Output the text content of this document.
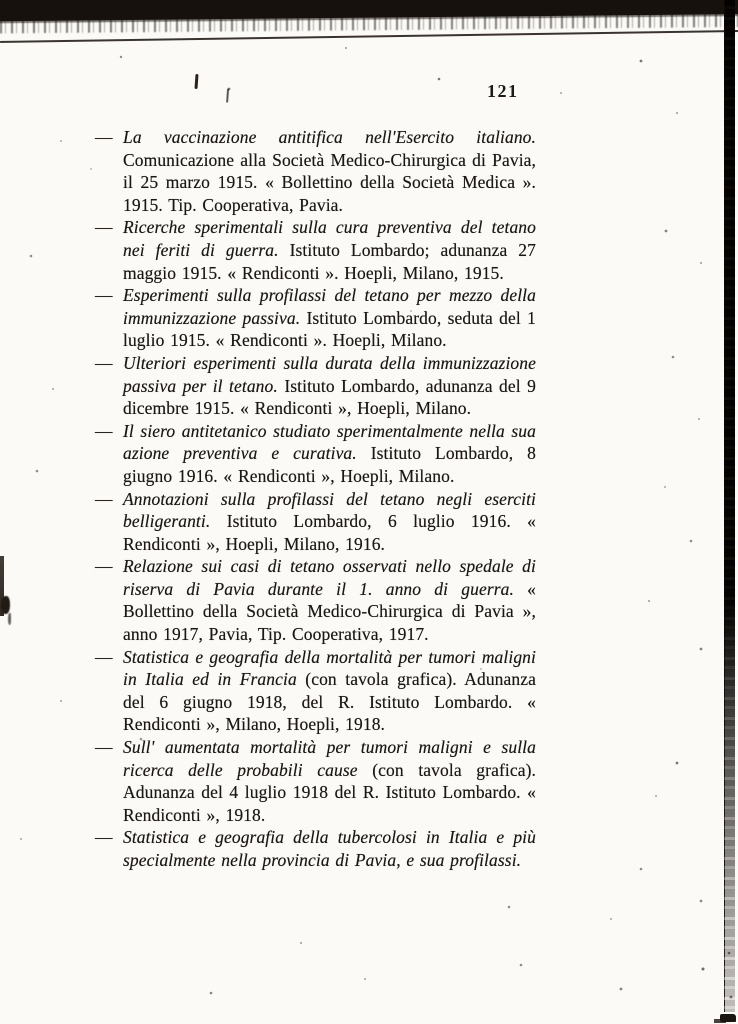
121

— La vaccinazione antitifica nell'Esercito italiano. Comunicazione alla Società Medico-Chirurgica di Pavia, il 25 marzo 1915. « Bollettino della Società Medica ». 1915. Tip. Cooperativa, Pavia.

— Ricerche sperimentali sulla cura preventiva del tetano nei feriti di guerra. Istituto Lombardo; adunanza 27 maggio 1915. « Rendiconti ». Hoepli, Milano, 1915.

— Esperimenti sulla profilassi del tetano per mezzo della immunizzazione passiva. Istituto Lombardo, seduta del 1 luglio 1915. « Rendiconti ». Hoepli, Milano.

— Ulteriori esperimenti sulla durata della immunizzazione passiva per il tetano. Istituto Lombardo, adunanza del 9 dicembre 1915. « Rendiconti », Hoepli, Milano.

— Il siero antitetanico studiato sperimentalmente nella sua azione preventiva e curativa. Istituto Lombardo, 8 giugno 1916. « Rendiconti », Hoepli, Milano.

— Annotazioni sulla profilassi del tetano negli eserciti belligeranti. Istituto Lombardo, 6 luglio 1916. « Rendiconti », Hoepli, Milano, 1916.

— Relazione sui casi di tetano osservati nello spedale di riserva di Pavia durante il 1. anno di guerra. « Bollettino della Società Medico-Chirurgica di Pavia », anno 1917, Pavia, Tip. Cooperativa, 1917.

— Statistica e geografia della mortalità per tumori maligni in Italia ed in Francia (con tavola grafica). Adunanza del 6 giugno 1918, del R. Istituto Lombardo. « Rendiconti », Milano, Hoepli, 1918.

— Sull' aumentata mortalità per tumori maligni e sulla ricerca delle probabili cause (con tavola grafica). Adunanza del 4 luglio 1918 del R. Istituto Lombardo. « Rendiconti », 1918.

— Statistica e geografia della tubercolosi in Italia e più specialmente nella provincia di Pavia, e sua profilassi.
